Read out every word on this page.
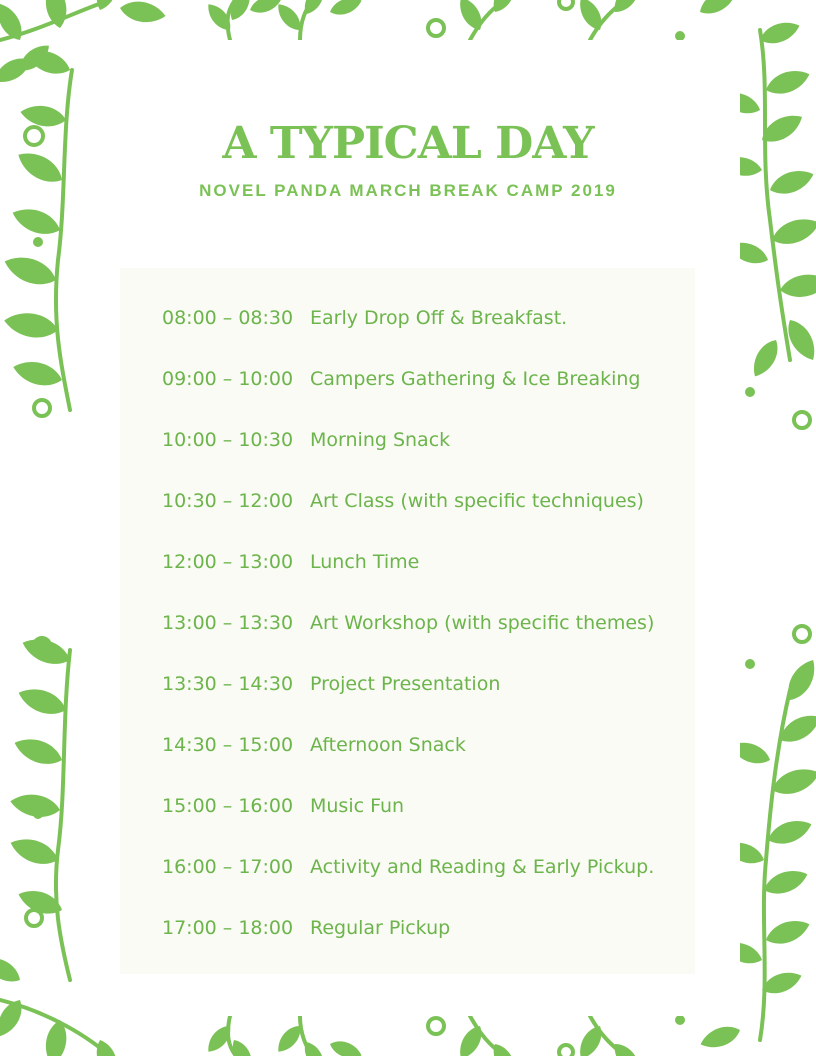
A TYPICAL DAY
NOVEL PANDA MARCH BREAK CAMP 2019
08:00 – 08:30 Early Drop Off & Breakfast.
09:00 – 10:00 Campers Gathering & Ice Breaking
10:00 – 10:30 Morning Snack
10:30 – 12:00 Art Class (with specific techniques)
12:00 – 13:00 Lunch Time
13:00 – 13:30 Art Workshop (with specific themes)
13:30 – 14:30 Project Presentation
14:30 – 15:00 Afternoon Snack
15:00 – 16:00 Music Fun
16:00 – 17:00 Activity and Reading & Early Pickup.
17:00 – 18:00 Regular Pickup
